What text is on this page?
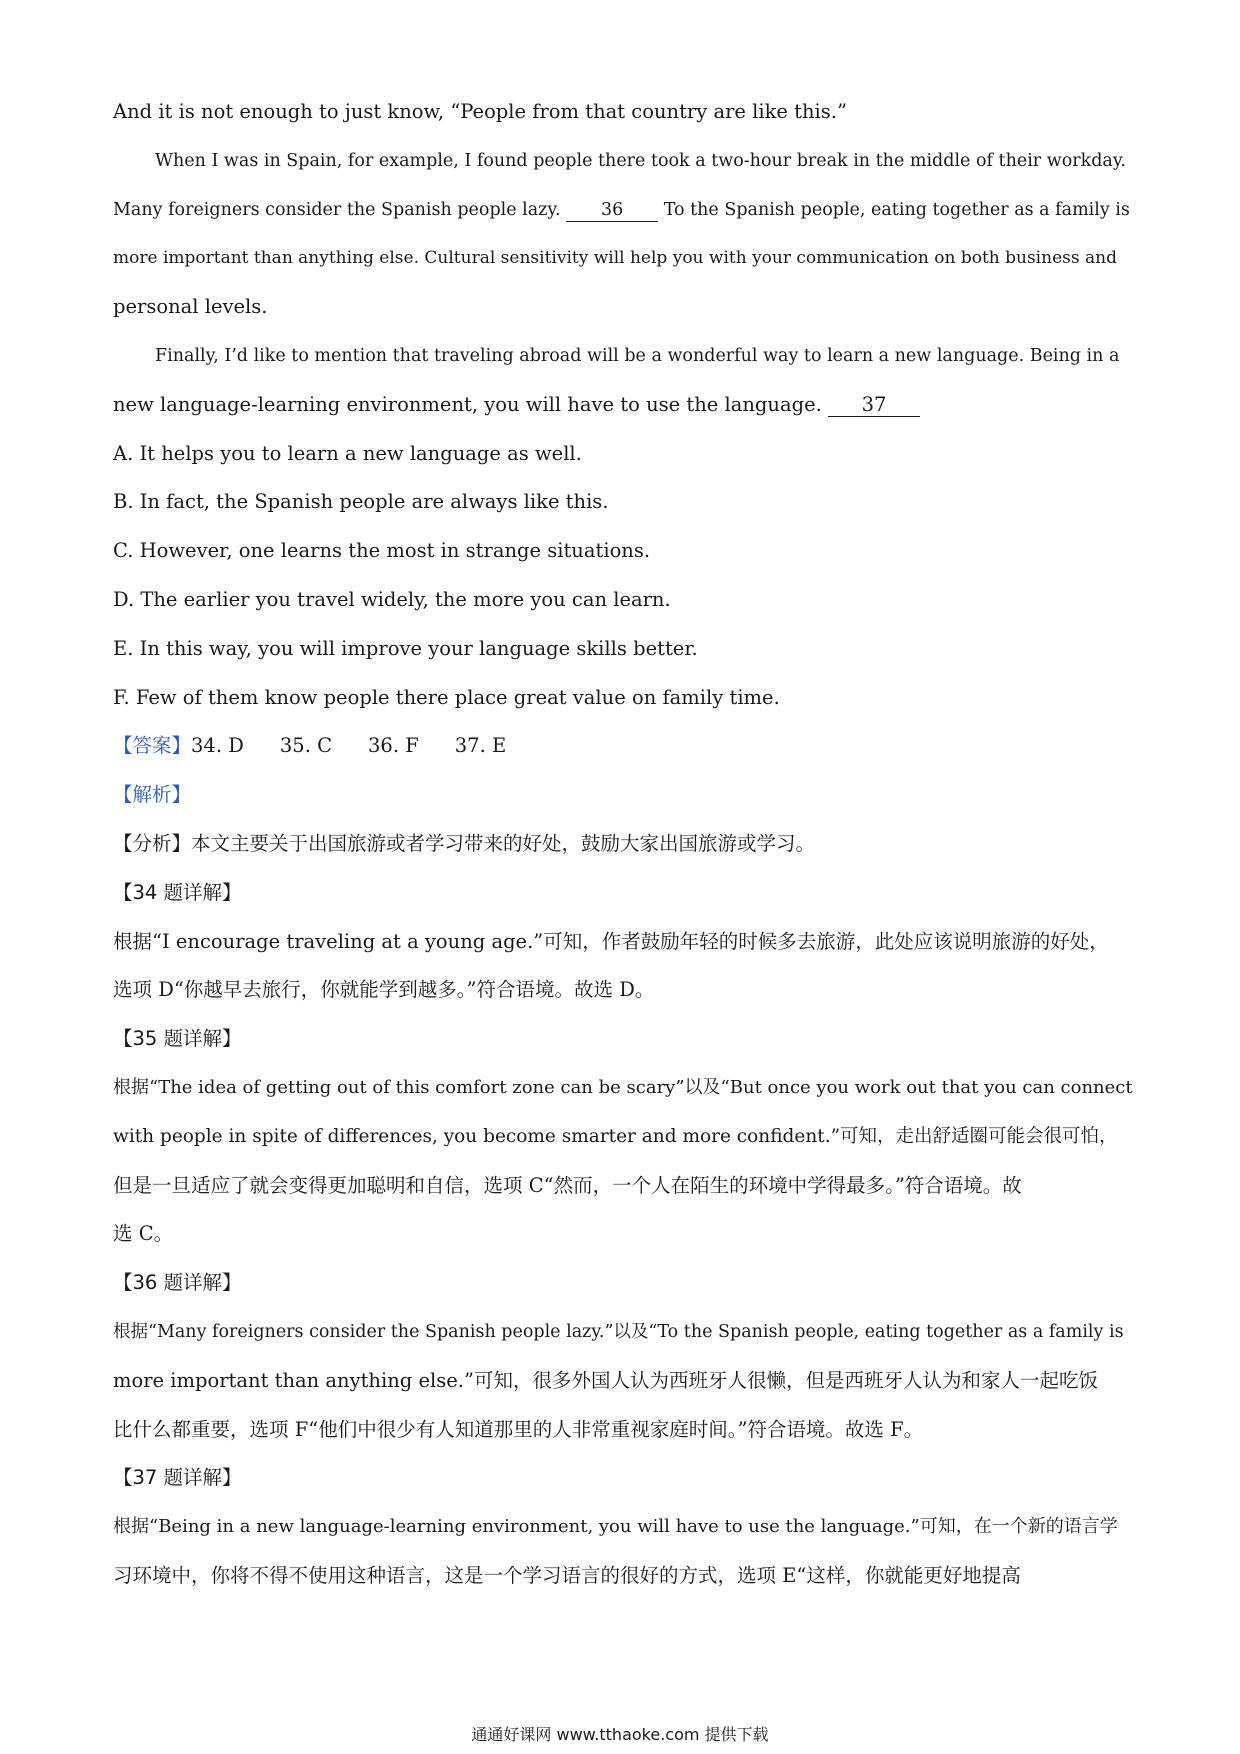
And it is not enough to just know, “People from that country are like this.”

When I was in Spain, for example, I found people there took a two-hour break in the middle of their workday.

Many foreigners consider the Spanish people lazy. 36 To the Spanish people, eating together as a family is

more important than anything else. Cultural sensitivity will help you with your communication on both business and

personal levels.

Finally, I’d like to mention that traveling abroad will be a wonderful way to learn a new language. Being in a

new language-learning environment, you will have to use the language. 37

A. It helps you to learn a new language as well.

B. In fact, the Spanish people are always like this.

C. However, one learns the most in strange situations.

D. The earlier you travel widely, the more you can learn.

E. In this way, you will improve your language skills better.

F. Few of them know people there place great value on family time.

【答案】34. D 35. C 36. F 37. E

【解析】

【分析】本文主要关于出国旅游或者学习带来的好处，鼓励大家出国旅游或学习。

【34 题详解】

根据“I encourage traveling at a young age.”可知，作者鼓励年轻的时候多去旅游，此处应该说明旅游的好处，

选项 D“你越早去旅行，你就能学到越多。”符合语境。故选 D。

【35 题详解】

根据“The idea of getting out of this comfort zone can be scary”以及“But once you work out that you can connect

with people in spite of differences, you become smarter and more confident.”可知，走出舒适圈可能会很可怕，

但是一旦适应了就会变得更加聪明和自信，选项 C“然而，一个人在陌生的环境中学得最多。”符合语境。故

选 C。

【36 题详解】

根据“Many foreigners consider the Spanish people lazy.”以及“To the Spanish people, eating together as a family is

more important than anything else.”可知，很多外国人认为西班牙人很懒，但是西班牙人认为和家人一起吃饭

比什么都重要，选项 F“他们中很少有人知道那里的人非常重视家庭时间。”符合语境。故选 F。

【37 题详解】

根据“Being in a new language-learning environment, you will have to use the language.”可知，在一个新的语言学

习环境中，你将不得不使用这种语言，这是一个学习语言的很好的方式，选项 E“这样，你就能更好地提高

通通好课网 www.tthaoke.com 提供下载
